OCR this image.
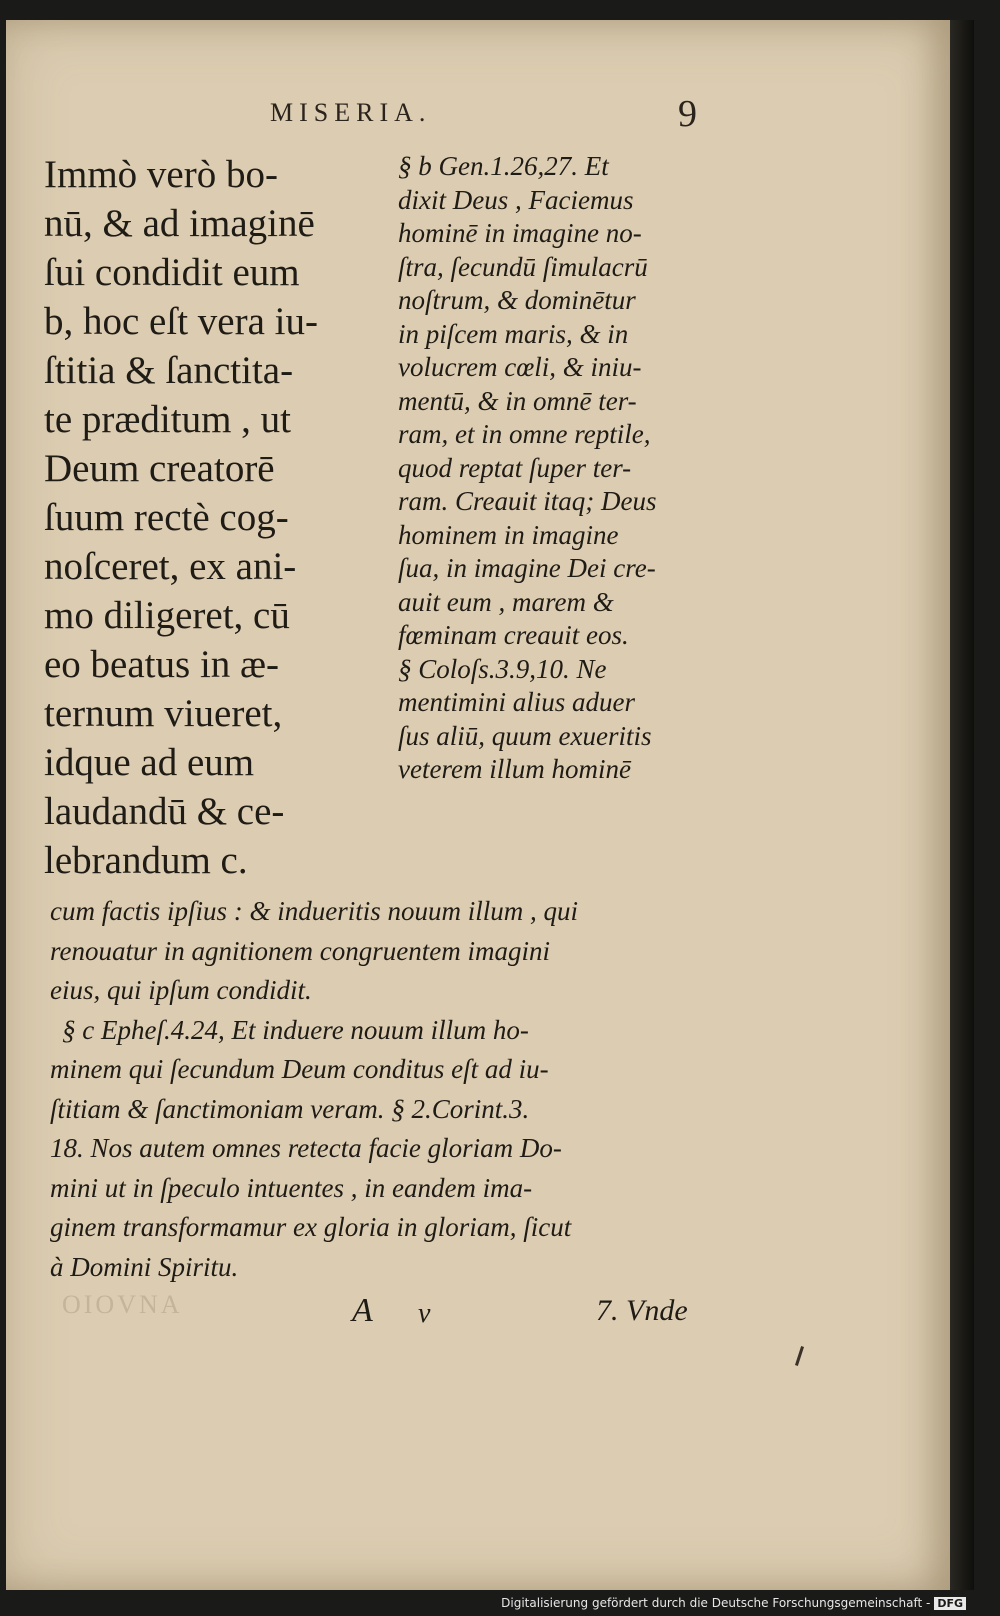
MISERIA.	9
Immò verò bo-
nū, & ad imaginē
ſui condidit eum
b, hoc eſt vera iu-
ſtitia & ſanctita-
te præditum , ut
Deum creatorē
ſuum rectè cog-
noſceret, ex ani-
mo diligeret, cū
eo beatus in æ-
ternum viueret,
idque ad eum
laudandū & ce-
lebrandum c.
§ b Gen.1.26,27. Et
dixit Deus , Faciemus
hominē in imagine no-
ſtra, ſecundū ſimulacrū
noſtrum, & dominētur
in piſcem maris, & in
volucrem cœli, & iniu-
mentū, & in omnē ter-
ram, et in omne reptile,
quod reptat ſuper ter-
ram. Creauit itaq; Deus
hominem in imagine
ſua, in imagine Dei cre-
auit eum , marem &
fœminam creauit eos.
§ Coloſs.3.9,10. Ne
mentimini alius aduer
ſus aliū, quum exueritis
veterem illum hominē
cum factis ipſius : & indueritis nouum illum , qui
renouatur in agnitionem congruentem imagini
eius, qui ipſum condidit.
§ c Epheſ.4.24, Et induere nouum illum ho-
minem qui ſecundum Deum conditus eſt ad iu-
ſtitiam & ſanctimoniam veram. § 2.Corint.3.
18. Nos autem omnes retecta facie gloriam Do-
mini ut in ſpeculo intuentes , in eandem ima-
ginem transformamur ex gloria in gloriam, ſicut
à Domini Spiritu.
OIOVNA	A v	7. Vnde
Digitalisierung gefördert durch die Deutsche Forschungsgemeinschaft - DFG
